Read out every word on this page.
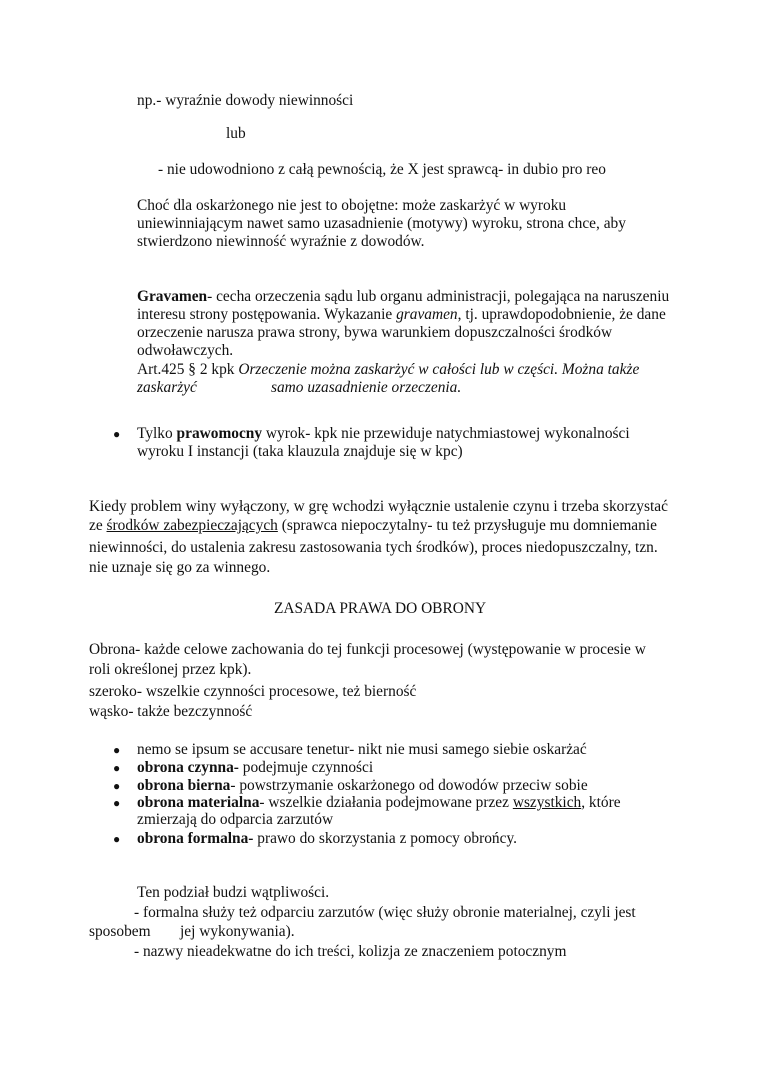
np.- wyraźnie dowody niewinności
lub
- nie udowodniono z całą pewnością, że X jest sprawcą- in dubio pro reo
Choć dla oskarżonego nie jest to obojętne: może zaskarżyć w wyroku
uniewinniającym nawet samo uzasadnienie (motywy) wyroku, strona chce, aby
stwierdzono niewinność wyraźnie z dowodów.
Gravamen- cecha orzeczenia sądu lub organu administracji, polegająca na naruszeniu
interesu strony postępowania. Wykazanie gravamen, tj. uprawdopodobnienie, że dane
orzeczenie narusza prawa strony, bywa warunkiem dopuszczalności środków
odwoławczych.
Art.425 § 2 kpk Orzeczenie można zaskarżyć w całości lub w części. Można także
zaskarżyć	samo uzasadnienie orzeczenia.
● Tylko prawomocny wyrok- kpk nie przewiduje natychmiastowej wykonalności
wyroku I instancji (taka klauzula znajduje się w kpc)
Kiedy problem winy wyłączony, w grę wchodzi wyłącznie ustalenie czynu i trzeba skorzystać
ze środków zabezpieczających (sprawca niepoczytalny- tu też przysługuje mu domniemanie
niewinności, do ustalenia zakresu zastosowania tych środków), proces niedopuszczalny, tzn.
nie uznaje się go za winnego.
ZASADA PRAWA DO OBRONY
Obrona- każde celowe zachowania do tej funkcji procesowej (występowanie w procesie w
roli określonej przez kpk).
szeroko- wszelkie czynności procesowe, też bierność
wąsko- także bezczynność
● nemo se ipsum se accusare tenetur- nikt nie musi samego siebie oskarżać
● obrona czynna- podejmuje czynności
● obrona bierna- powstrzymanie oskarżonego od dowodów przeciw sobie
● obrona materialna- wszelkie działania podejmowane przez wszystkich, które
zmierzają do odparcia zarzutów
● obrona formalna- prawo do skorzystania z pomocy obrońcy.
Ten podział budzi wątpliwości.
- formalna służy też odparciu zarzutów (więc służy obronie materialnej, czyli jest
sposobem jej wykonywania).
- nazwy nieadekwatne do ich treści, kolizja ze znaczeniem potocznym
